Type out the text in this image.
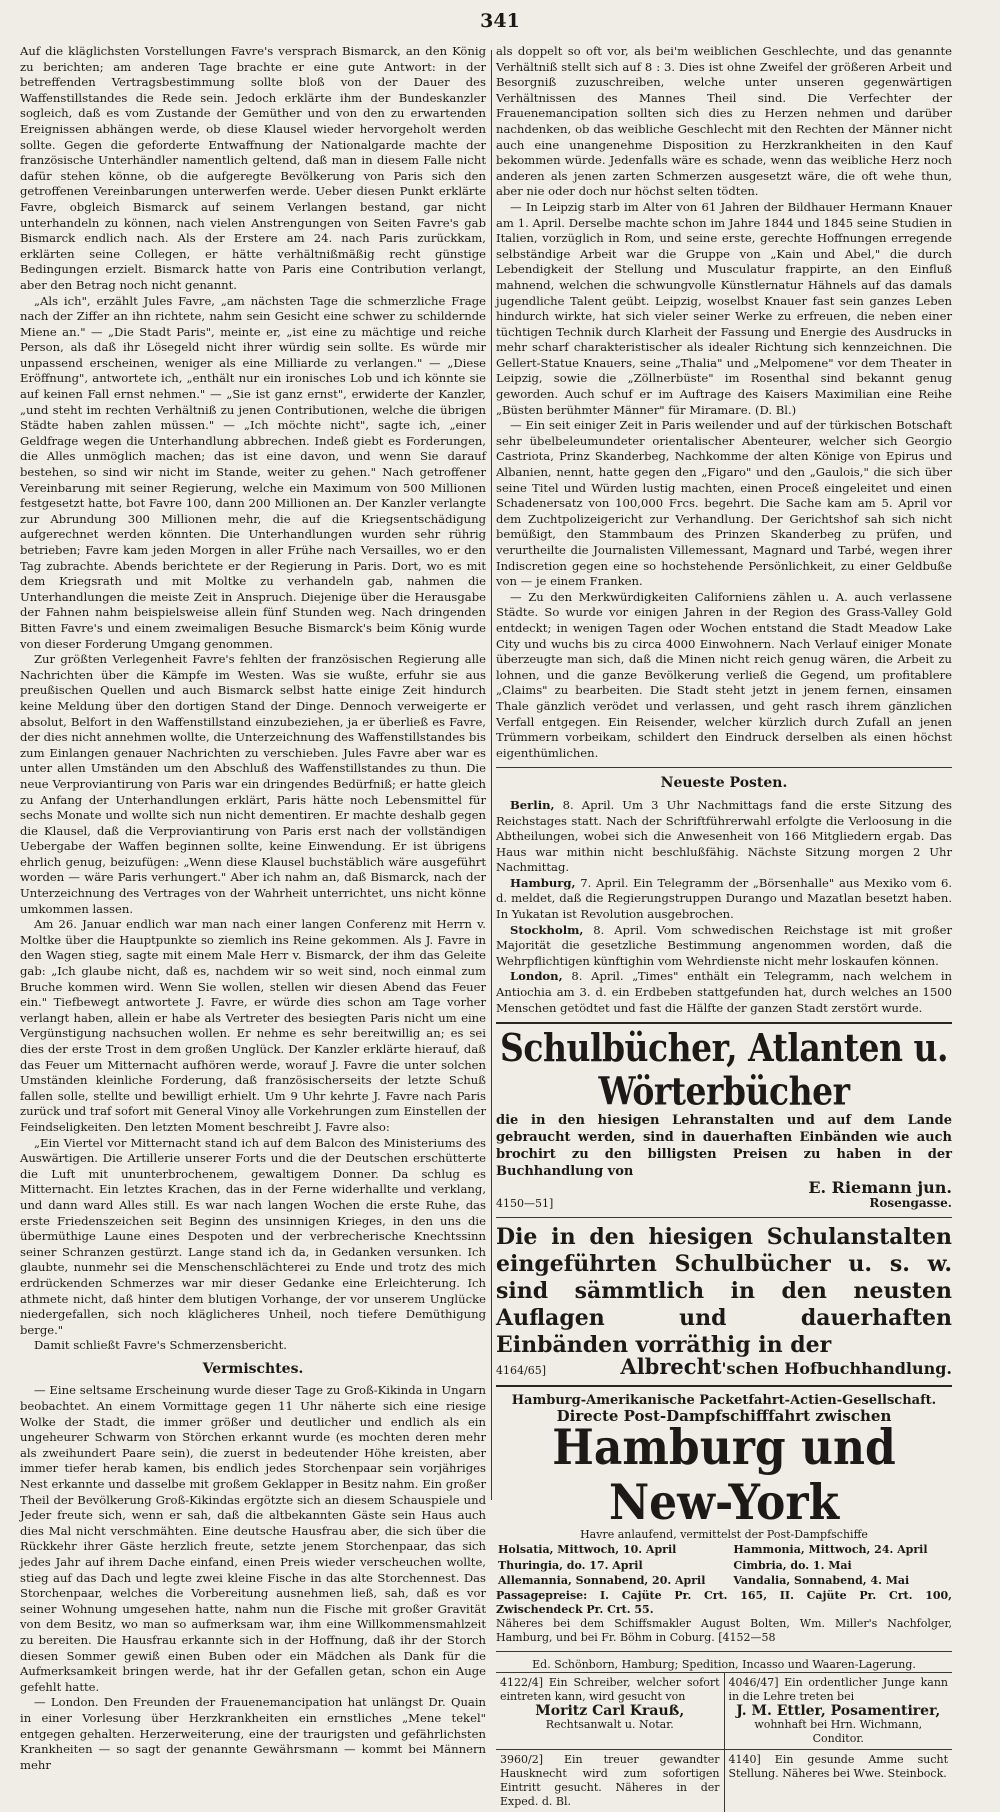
341

Auf die kläglichsten Vorstellungen Favre's versprach Bismarck, an den König zu berichten; am anderen Tage brachte er eine gute Antwort: in der betreffenden Vertragsbestimmung sollte bloß von der Dauer des Waffenstillstandes die Rede sein. Jedoch erklärte ihm der Bundeskanzler sogleich, daß es vom Zustande der Gemüther und von den zu erwartenden Ereignissen abhängen werde, ob diese Klausel wieder hervorgeholt werden sollte. Gegen die geforderte Entwaffnung der Nationalgarde machte der französische Unterhändler namentlich geltend, daß man in diesem Falle nicht dafür stehen könne, ob die aufgeregte Bevölkerung von Paris sich den getroffenen Vereinbarungen unterwerfen werde. Ueber diesen Punkt erklärte Favre, obgleich Bismarck auf seinem Verlangen bestand, gar nicht unterhandeln zu können, nach vielen Anstrengungen von Seiten Favre's gab Bismarck endlich nach. Als der Erstere am 24. nach Paris zurückkam, erklärten seine Collegen, er hätte verhältnißmäßig recht günstige Bedingungen erzielt. Bismarck hatte von Paris eine Contribution verlangt, aber den Betrag noch nicht genannt.

„Als ich", erzählt Jules Favre, „am nächsten Tage die schmerzliche Frage nach der Ziffer an ihn richtete, nahm sein Gesicht eine schwer zu schildernde Miene an." — „Die Stadt Paris", meinte er, „ist eine zu mächtige und reiche Person, als daß ihr Lösegeld nicht ihrer würdig sein sollte. Es würde mir unpassend erscheinen, weniger als eine Milliarde zu verlangen." — „Diese Eröffnung", antwortete ich, „enthält nur ein ironisches Lob und ich könnte sie auf keinen Fall ernst nehmen." — „Sie ist ganz ernst", erwiderte der Kanzler, „und steht im rechten Verhältniß zu jenen Contributionen, welche die übrigen Städte haben zahlen müssen." — „Ich möchte nicht", sagte ich, „einer Geldfrage wegen die Unterhandlung abbrechen. Indeß giebt es Forderungen, die Alles unmöglich machen; das ist eine davon, und wenn Sie darauf bestehen, so sind wir nicht im Stande, weiter zu gehen." Nach getroffener Vereinbarung mit seiner Regierung, welche ein Maximum von 500 Millionen festgesetzt hatte, bot Favre 100, dann 200 Millionen an. Der Kanzler verlangte zur Abrundung 300 Millionen mehr, die auf die Kriegsentschädigung aufgerechnet werden könnten. Die Unterhandlungen wurden sehr rührig betrieben; Favre kam jeden Morgen in aller Frühe nach Versailles, wo er den Tag zubrachte. Abends berichtete er der Regierung in Paris. Dort, wo es mit dem Kriegsrath und mit Moltke zu verhandeln gab, nahmen die Unterhandlungen die meiste Zeit in Anspruch. Diejenige über die Herausgabe der Fahnen nahm beispielsweise allein fünf Stunden weg. Nach dringenden Bitten Favre's und einem zweimaligen Besuche Bismarck's beim König wurde von dieser Forderung Umgang genommen.

Zur größten Verlegenheit Favre's fehlten der französischen Regierung alle Nachrichten über die Kämpfe im Westen. Was sie wußte, erfuhr sie aus preußischen Quellen und auch Bismarck selbst hatte einige Zeit hindurch keine Meldung über den dortigen Stand der Dinge. Dennoch verweigerte er absolut, Belfort in den Waffenstillstand einzubeziehen, ja er überließ es Favre, der dies nicht annehmen wollte, die Unterzeichnung des Waffenstillstandes bis zum Einlangen genauer Nachrichten zu verschieben. Jules Favre aber war es unter allen Umständen um den Abschluß des Waffenstillstandes zu thun. Die neue Verproviantirung von Paris war ein dringendes Bedürfniß; er hatte gleich zu Anfang der Unterhandlungen erklärt, Paris hätte noch Lebensmittel für sechs Monate und wollte sich nun nicht dementiren. Er machte deshalb gegen die Klausel, daß die Verproviantirung von Paris erst nach der vollständigen Uebergabe der Waffen beginnen sollte, keine Einwendung. Er ist übrigens ehrlich genug, beizufügen: „Wenn diese Klausel buchstäblich wäre ausgeführt worden — wäre Paris verhungert." Aber ich nahm an, daß Bismarck, nach der Unterzeichnung des Vertrages von der Wahrheit unterrichtet, uns nicht könne umkommen lassen.

Am 26. Januar endlich war man nach einer langen Conferenz mit Herrn v. Moltke über die Hauptpunkte so ziemlich ins Reine gekommen. Als J. Favre in den Wagen stieg, sagte mit einem Male Herr v. Bismarck, der ihm das Geleite gab: „Ich glaube nicht, daß es, nachdem wir so weit sind, noch einmal zum Bruche kommen wird. Wenn Sie wollen, stellen wir diesen Abend das Feuer ein." Tiefbewegt antwortete J. Favre, er würde dies schon am Tage vorher verlangt haben, allein er habe als Vertreter des besiegten Paris nicht um eine Vergünstigung nachsuchen wollen. Er nehme es sehr bereitwillig an; es sei dies der erste Trost in dem großen Unglück. Der Kanzler erklärte hierauf, daß das Feuer um Mitternacht aufhören werde, worauf J. Favre die unter solchen Umständen kleinliche Forderung, daß französischerseits der letzte Schuß fallen solle, stellte und bewilligt erhielt. Um 9 Uhr kehrte J. Favre nach Paris zurück und traf sofort mit General Vinoy alle Vorkehrungen zum Einstellen der Feindseligkeiten. Den letzten Moment beschreibt J. Favre also:

„Ein Viertel vor Mitternacht stand ich auf dem Balcon des Ministeriums des Auswärtigen. Die Artillerie unserer Forts und die der Deutschen erschütterte die Luft mit ununterbrochenem, gewaltigem Donner. Da schlug es Mitternacht. Ein letztes Krachen, das in der Ferne widerhallte und verklang, und dann ward Alles still. Es war nach langen Wochen die erste Ruhe, das erste Friedenszeichen seit Beginn des unsinnigen Krieges, in den uns die übermüthige Laune eines Despoten und der verbrecherische Knechtssinn seiner Schranzen gestürzt. Lange stand ich da, in Gedanken versunken. Ich glaubte, nunmehr sei die Menschenschlächterei zu Ende und trotz des mich erdrückenden Schmerzes war mir dieser Gedanke eine Erleichterung. Ich athmete nicht, daß hinter dem blutigen Vorhange, der vor unserem Unglücke niedergefallen, sich noch kläglicheres Unheil, noch tiefere Demüthigung berge."

Damit schließt Favre's Schmerzensbericht.

Vermischtes.

— Eine seltsame Erscheinung wurde dieser Tage zu Groß-Kikinda in Ungarn beobachtet. An einem Vormittage gegen 11 Uhr näherte sich eine riesige Wolke der Stadt, die immer größer und deutlicher und endlich als ein ungeheurer Schwarm von Störchen erkannt wurde (es mochten deren mehr als zweihundert Paare sein), die zuerst in bedeutender Höhe kreisten, aber immer tiefer herab kamen, bis endlich jedes Storchenpaar sein vorjähriges Nest erkannte und dasselbe mit großem Geklapper in Besitz nahm. Ein großer Theil der Bevölkerung Groß-Kikindas ergötzte sich an diesem Schauspiele und Jeder freute sich, wenn er sah, daß die altbekannten Gäste sein Haus auch dies Mal nicht verschmähten. Eine deutsche Hausfrau aber, die sich über die Rückkehr ihrer Gäste herzlich freute, setzte jenem Storchenpaar, das sich jedes Jahr auf ihrem Dache einfand, einen Preis wieder verscheuchen wollte, stieg auf das Dach und legte zwei kleine Fische in das alte Storchennest. Das Storchenpaar, welches die Vorbereitung ausnehmen ließ, sah, daß es vor seiner Wohnung umgesehen hatte, nahm nun die Fische mit großer Gravität von dem Besitz, wo man so aufmerksam war, ihm eine Willkommensmahlzeit zu bereiten. Die Hausfrau erkannte sich in der Hoffnung, daß ihr der Storch diesen Sommer gewiß einen Buben oder ein Mädchen als Dank für die Aufmerksamkeit bringen werde, hat ihr der Gefallen getan, schon ein Auge gefehlt hatte.

— London. Den Freunden der Frauenemancipation hat unlängst Dr. Quain in einer Vorlesung über Herzkrankheiten ein ernstliches „Mene tekel" entgegen gehalten. Herzerweiterung, eine der traurigsten und gefährlichsten Krankheiten — so sagt der genannte Gewährsmann — kommt bei Männern mehr

als doppelt so oft vor, als bei'm weiblichen Geschlechte, und das genannte Verhältniß stellt sich auf 8 : 3. Dies ist ohne Zweifel der größeren Arbeit und Besorgniß zuzuschreiben, welche unter unseren gegenwärtigen Verhältnissen des Mannes Theil sind. Die Verfechter der Frauenemancipation sollten sich dies zu Herzen nehmen und darüber nachdenken, ob das weibliche Geschlecht mit den Rechten der Männer nicht auch eine unangenehme Disposition zu Herzkrankheiten in den Kauf bekommen würde. Jedenfalls wäre es schade, wenn das weibliche Herz noch anderen als jenen zarten Schmerzen ausgesetzt wäre, die oft wehe thun, aber nie oder doch nur höchst selten tödten.

— In Leipzig starb im Alter von 61 Jahren der Bildhauer Hermann Knauer am 1. April. Derselbe machte schon im Jahre 1844 und 1845 seine Studien in Italien, vorzüglich in Rom, und seine erste, gerechte Hoffnungen erregende selbständige Arbeit war die Gruppe von „Kain und Abel," die durch Lebendigkeit der Stellung und Musculatur frappirte, an den Einfluß mahnend, welchen die schwungvolle Künstlernatur Hähnels auf das damals jugendliche Talent geübt. Leipzig, woselbst Knauer fast sein ganzes Leben hindurch wirkte, hat sich vieler seiner Werke zu erfreuen, die neben einer tüchtigen Technik durch Klarheit der Fassung und Energie des Ausdrucks in mehr scharf charakteristischer als idealer Richtung sich kennzeichnen. Die Gellert-Statue Knauers, seine „Thalia" und „Melpomene" vor dem Theater in Leipzig, sowie die „Zöllnerbüste" im Rosenthal sind bekannt genug geworden. Auch schuf er im Auftrage des Kaisers Maximilian eine Reihe „Büsten berühmter Männer" für Miramare. (D. Bl.)

— Ein seit einiger Zeit in Paris weilender und auf der türkischen Botschaft sehr übelbeleumundeter orientalischer Abenteurer, welcher sich Georgio Castriota, Prinz Skanderbeg, Nachkomme der alten Könige von Epirus und Albanien, nennt, hatte gegen den „Figaro" und den „Gaulois," die sich über seine Titel und Würden lustig machten, einen Proceß eingeleitet und einen Schadenersatz von 100,000 Frcs. begehrt. Die Sache kam am 5. April vor dem Zuchtpolizeigericht zur Verhandlung. Der Gerichtshof sah sich nicht bemüßigt, den Stammbaum des Prinzen Skanderbeg zu prüfen, und verurtheilte die Journalisten Villemessant, Magnard und Tarbé, wegen ihrer Indiscretion gegen eine so hochstehende Persönlichkeit, zu einer Geldbuße von — je einem Franken.

— Zu den Merkwürdigkeiten Californiens zählen u. A. auch verlassene Städte. So wurde vor einigen Jahren in der Region des Grass-Valley Gold entdeckt; in wenigen Tagen oder Wochen entstand die Stadt Meadow Lake City und wuchs bis zu circa 4000 Einwohnern. Nach Verlauf einiger Monate überzeugte man sich, daß die Minen nicht reich genug wären, die Arbeit zu lohnen, und die ganze Bevölkerung verließ die Gegend, um profitablere „Claims" zu bearbeiten. Die Stadt steht jetzt in jenem fernen, einsamen Thale gänzlich verödet und verlassen, und geht rasch ihrem gänzlichen Verfall entgegen. Ein Reisender, welcher kürzlich durch Zufall an jenen Trümmern vorbeikam, schildert den Eindruck derselben als einen höchst eigenthümlichen.

Neueste Posten.

Berlin, 8. April. Um 3 Uhr Nachmittags fand die erste Sitzung des Reichstages statt. Nach der Schriftführerwahl erfolgte die Verloosung in die Abtheilungen, wobei sich die Anwesenheit von 166 Mitgliedern ergab. Das Haus war mithin nicht beschlußfähig. Nächste Sitzung morgen 2 Uhr Nachmittag.

Hamburg, 7. April. Ein Telegramm der „Börsenhalle" aus Mexiko vom 6. d. meldet, daß die Regierungstruppen Durango und Mazatlan besetzt haben. In Yukatan ist Revolution ausgebrochen.

Stockholm, 8. April. Vom schwedischen Reichstage ist mit großer Majorität die gesetzliche Bestimmung angenommen worden, daß die Wehrpflichtigen künftighin vom Wehrdienste nicht mehr loskaufen können.

London, 8. April. „Times" enthält ein Telegramm, nach welchem in Antiochia am 3. d. ein Erdbeben stattgefunden hat, durch welches an 1500 Menschen getödtet und fast die Hälfte der ganzen Stadt zerstört wurde.

Schulbücher, Atlanten u. Wörterbücher
die in den hiesigen Lehranstalten und auf dem Lande gebraucht werden, sind in dauerhaften Einbänden wie auch brochirt zu den billigsten Preisen zu haben in der Buchhandlung von
E. Riemann jun.
4150—51]	Rosengasse.
Die in den hiesigen Schulanstalten eingeführten Schulbücher u. s. w. sind sämmtlich in den neusten Auflagen und dauerhaften Einbänden vorräthig in der
4164/65]	Albrecht'schen Hofbuchhandlung.
Hamburg-Amerikanische Packetfahrt-Actien-Gesellschaft.
Directe Post-Dampfschifffahrt zwischen
Hamburg und New-York
Havre anlaufend, vermittelst der Post-Dampfschiffe
Holsatia, Mittwoch, 10. April	Hammonia, Mittwoch, 24. April
Thuringia, do. 17. April	Cimbria, do. 1. Mai
Allemannia, Sonnabend, 20. April	Vandalia, Sonnabend, 4. Mai
Passagepreise: I. Cajüte Pr. Crt. 165, II. Cajüte Pr. Crt. 100, Zwischendeck Pr. Crt. 55.
Näheres bei dem Schiffsmakler August Bolten, Wm. Miller's Nachfolger, Hamburg, und bei Fr. Böhm in Coburg. [4152—58
Ed. Schönborn, Hamburg; Spedition, Incasso und Waaren-Lagerung.
4122/4] Ein Schreiber, welcher sofort eintreten kann, wird gesucht von
Moritz Carl Krauß,
Rechtsanwalt u. Notar.
4046/47] Ein ordentlicher Junge kann in die Lehre treten bei
J. M. Ettler, Posamentirer,
wohnhaft bei Hrn. Wichmann, Conditor.
3960/2] Ein treuer gewandter Hausknecht wird zum sofortigen Eintritt gesucht. Näheres in der Exped. d. Bl.
4140] Ein gesunde Amme sucht Stellung. Näheres bei Wwe. Steinbock.
